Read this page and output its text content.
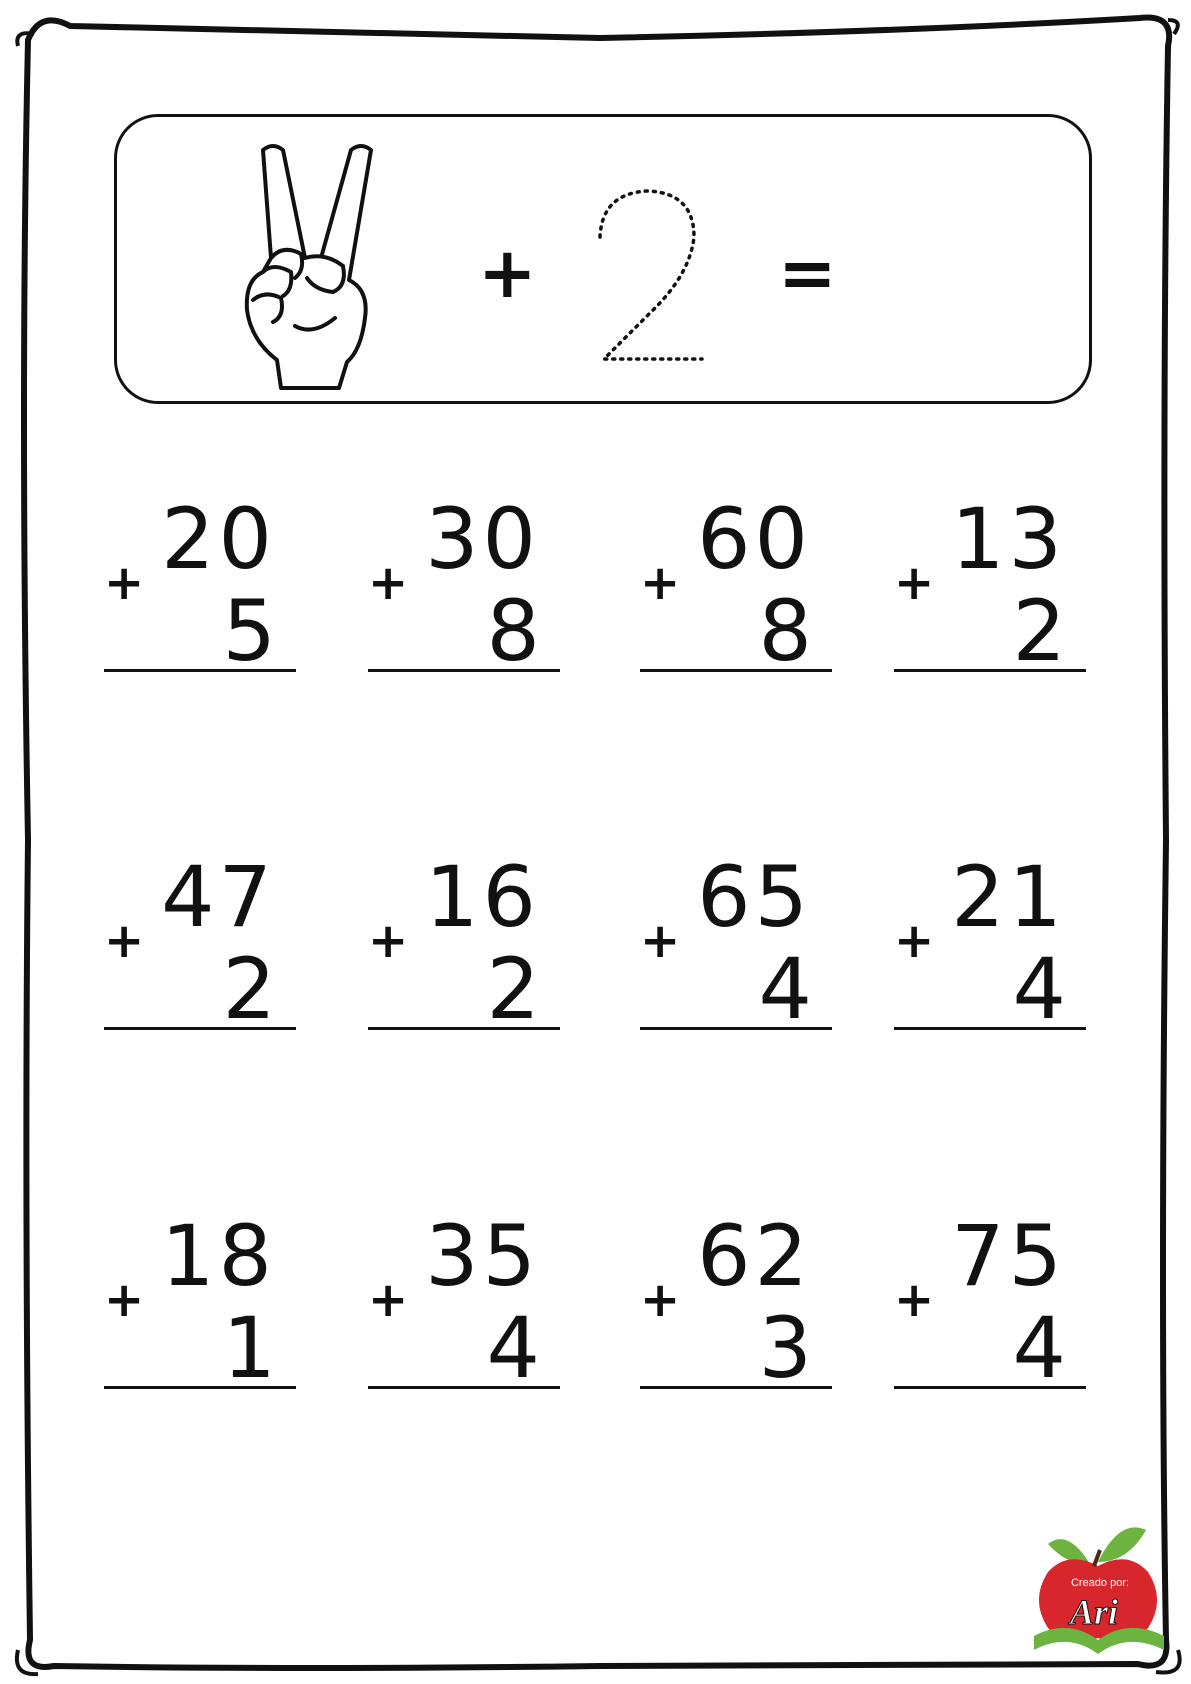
+	=
+ 20
5 + 30
8 + 60
8 + 13
2
+ 47
2 + 16
2 + 65
4 + 21
4
+ 18
1 + 35
4 + 62
3 + 75
4
Creado por:
Ari
